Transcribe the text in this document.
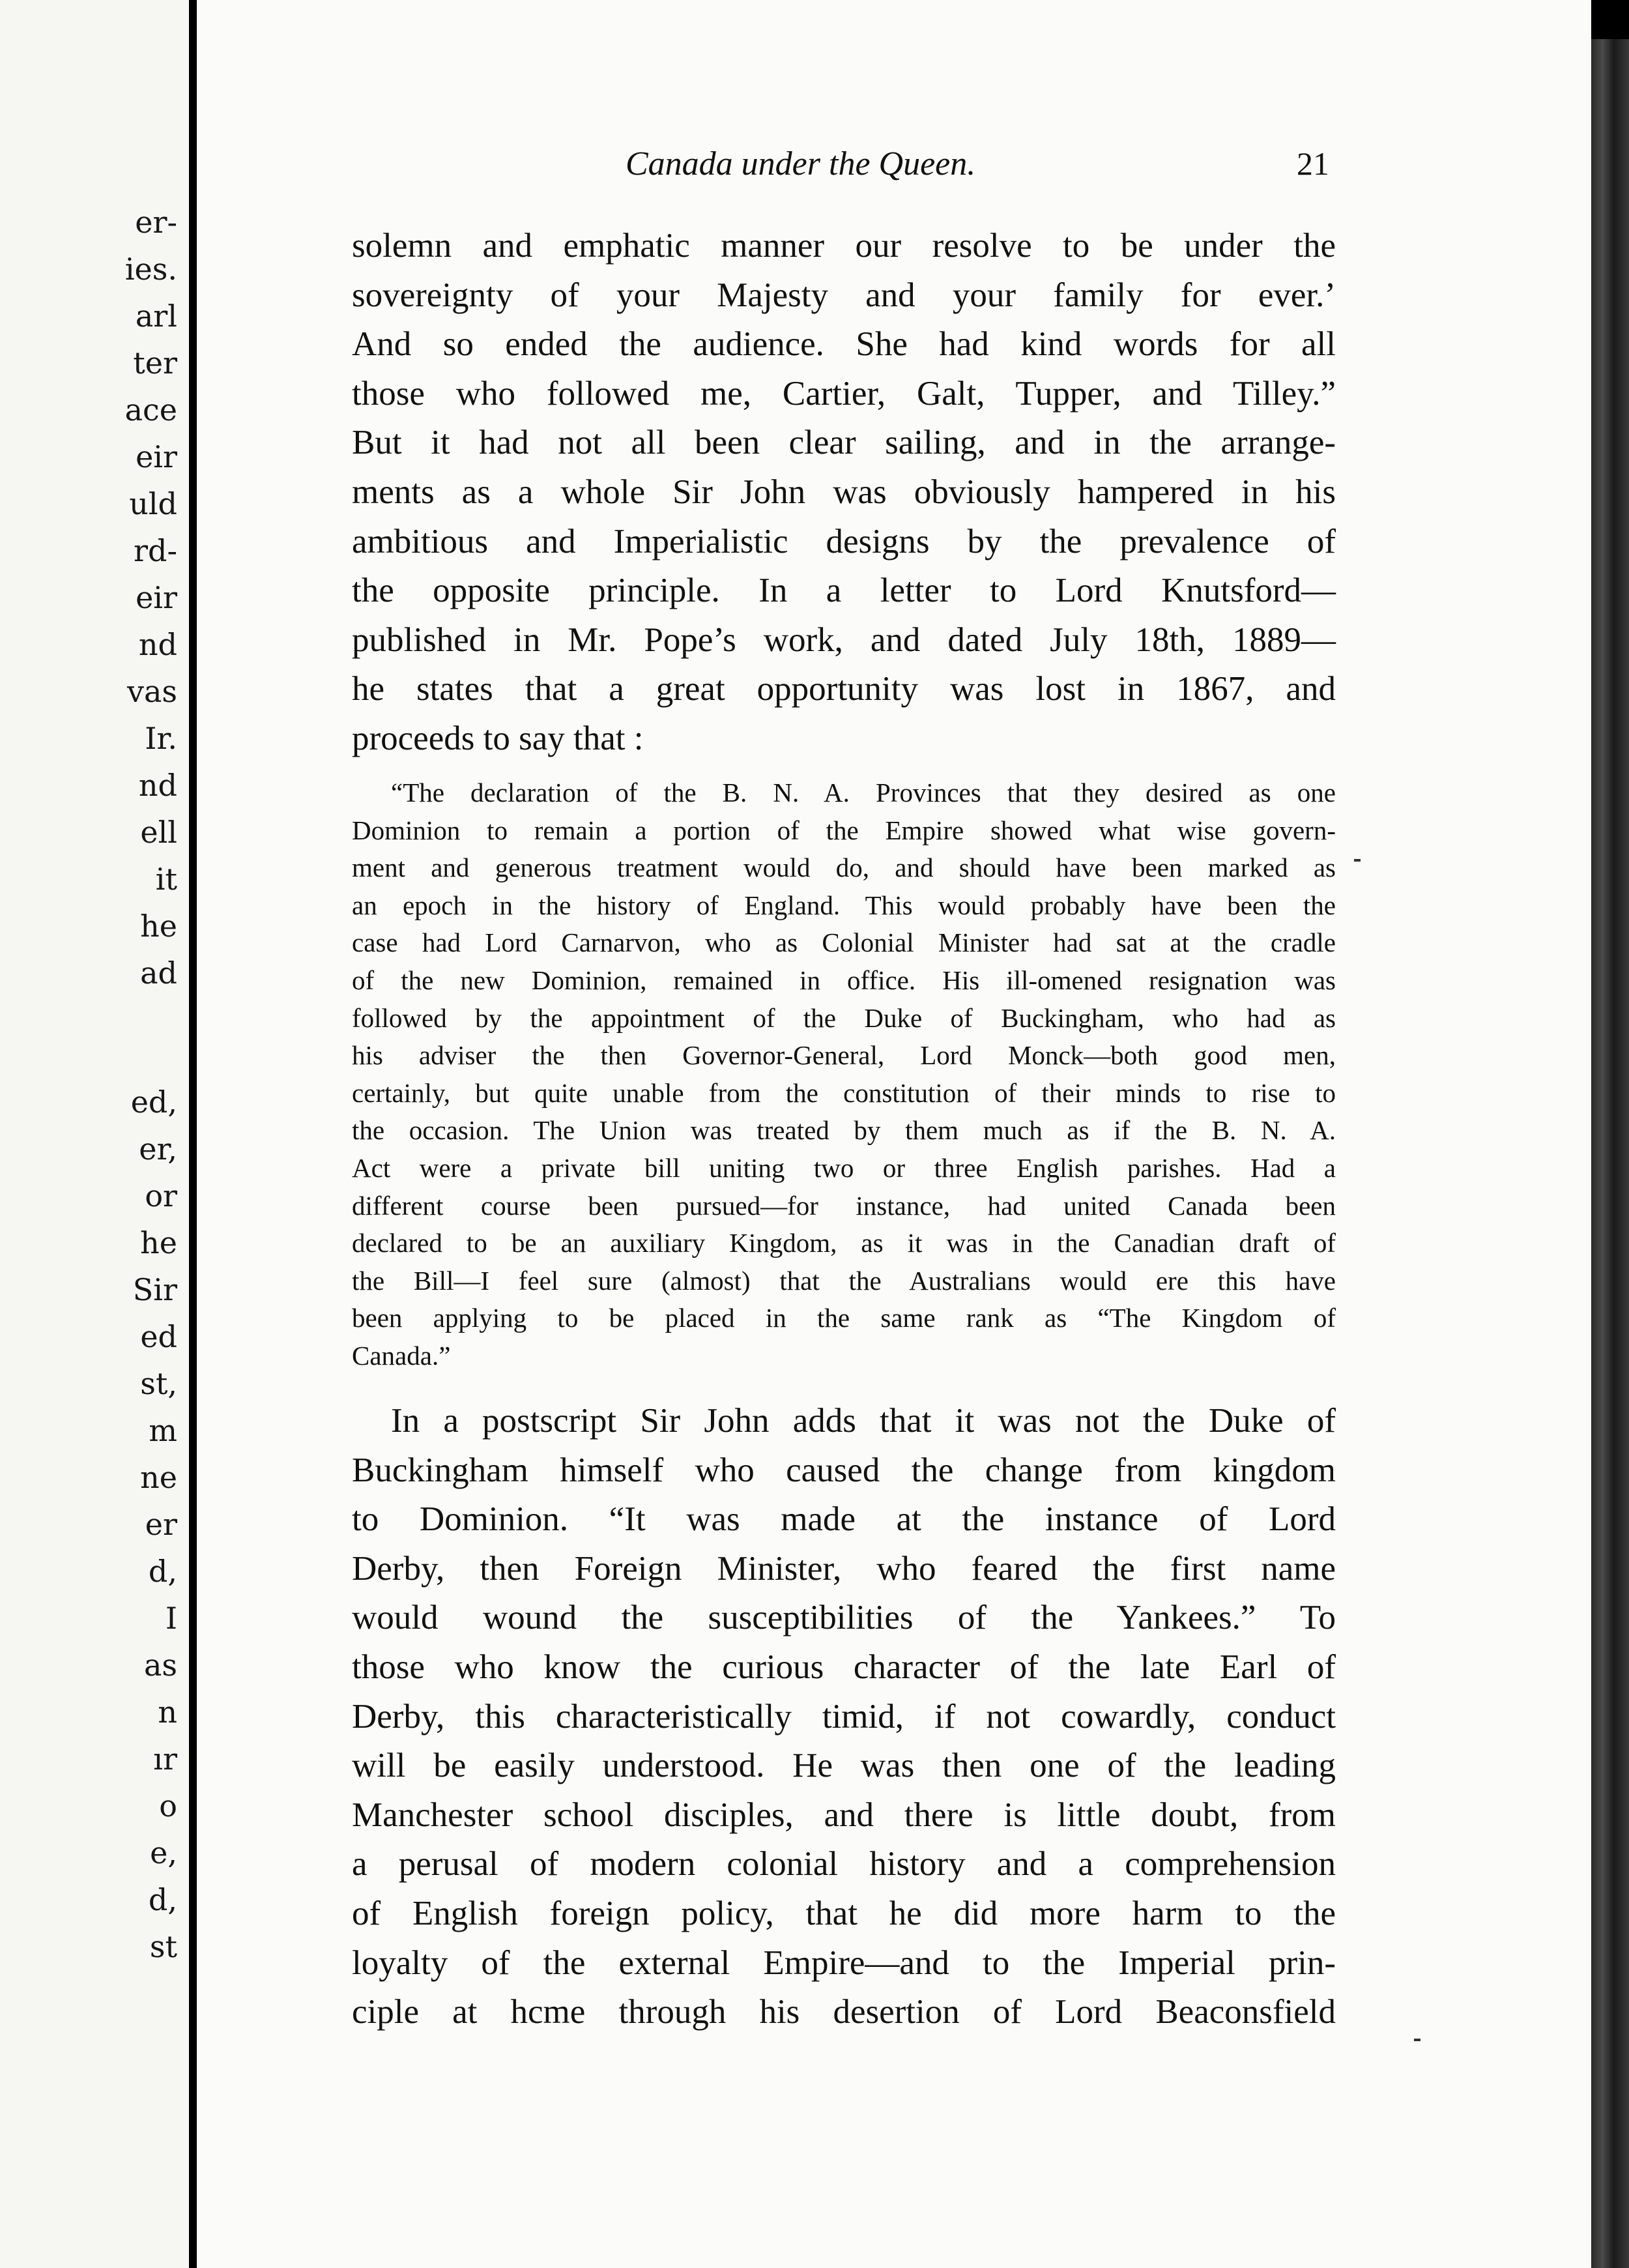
er-
ies.
arl
ter
ace
eir
uld
rd-
eir
nd
vas
Ir.
nd
ell
it
he
ad
ed,
er,
or
he
Sir
ed
st,
m
ne
er
d,
I
as
n
ır
o
e,
d,
st
Canada under the Queen.	21
solemn and emphatic manner our resolve to be under the
sovereignty of your Majesty and your family for ever.’
And so ended the audience. She had kind words for all
those who followed me, Cartier, Galt, Tupper, and Tilley.”
But it had not all been clear sailing, and in the arrange-
ments as a whole Sir John was obviously hampered in his
ambitious and Imperialistic designs by the prevalence of
the opposite principle. In a letter to Lord Knutsford—
published in Mr. Pope’s work, and dated July 18th, 1889—
he states that a great opportunity was lost in 1867, and
proceeds to say that :
“The declaration of the B. N. A. Provinces that they desired as one
Dominion to remain a portion of the Empire showed what wise govern-
ment and generous treatment would do, and should have been marked as
an epoch in the history of England. This would probably have been the
case had Lord Carnarvon, who as Colonial Minister had sat at the cradle
of the new Dominion, remained in office. His ill-omened resignation was
followed by the appointment of the Duke of Buckingham, who had as
his adviser the then Governor-General, Lord Monck—both good men,
certainly, but quite unable from the constitution of their minds to rise to
the occasion. The Union was treated by them much as if the B. N. A.
Act were a private bill uniting two or three English parishes. Had a
different course been pursued—for instance, had united Canada been
declared to be an auxiliary Kingdom, as it was in the Canadian draft of
the Bill—I feel sure (almost) that the Australians would ere this have
been applying to be placed in the same rank as “The Kingdom of
Canada.”
In a postscript Sir John adds that it was not the Duke of
Buckingham himself who caused the change from kingdom
to Dominion. “It was made at the instance of Lord
Derby, then Foreign Minister, who feared the first name
would wound the susceptibilities of the Yankees.” To
those who know the curious character of the late Earl of
Derby, this characteristically timid, if not cowardly, conduct
will be easily understood. He was then one of the leading
Manchester school disciples, and there is little doubt, from
a perusal of modern colonial history and a comprehension
of English foreign policy, that he did more harm to the
loyalty of the external Empire—and to the Imperial prin-
ciple at hcme through his desertion of Lord Beaconsfield
